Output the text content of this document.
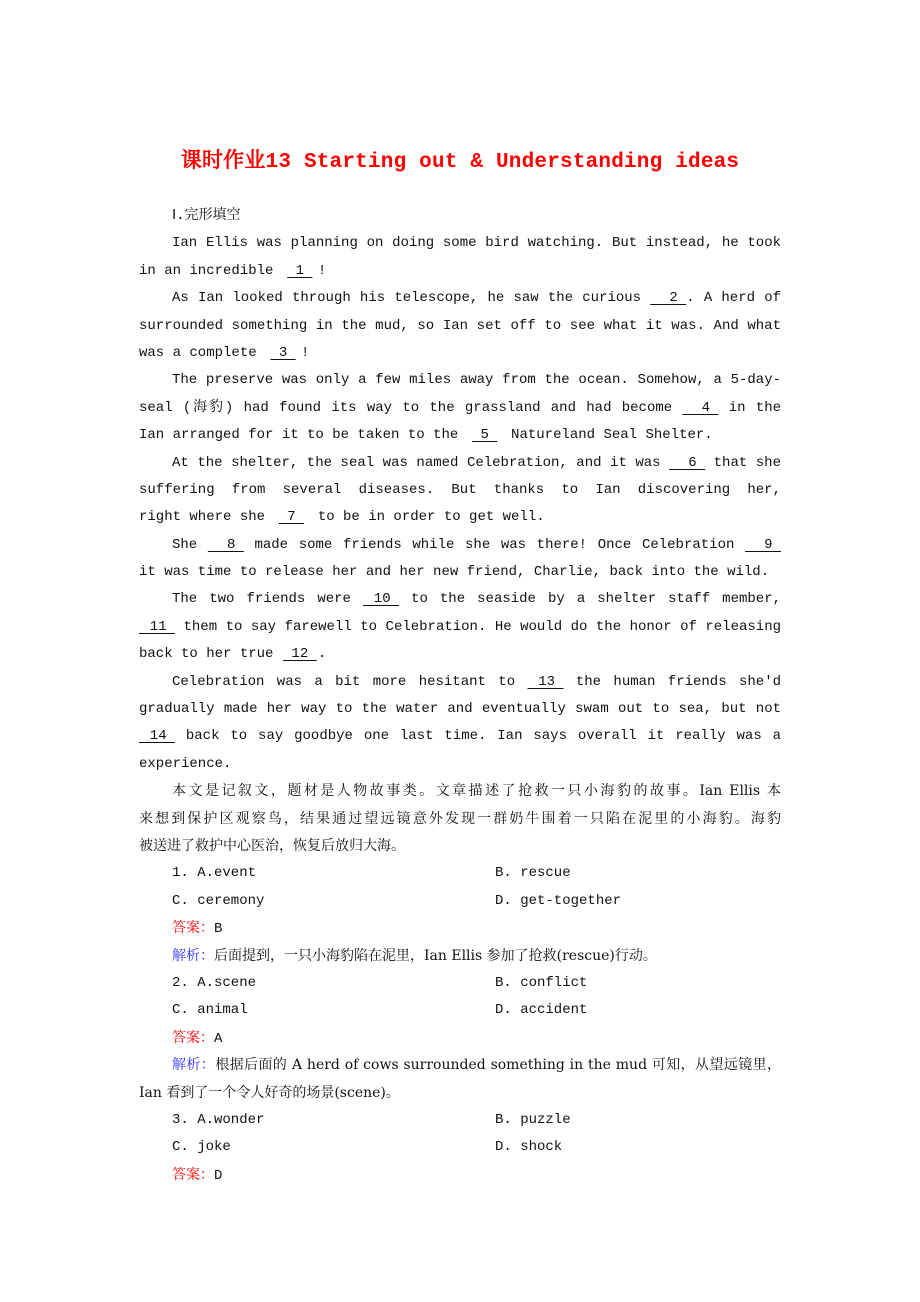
课时作业13 Starting out & Understanding ideas
Ⅰ.完形填空
Ian Ellis was planning on doing some bird watching. But instead, he took
in an incredible  1 !
As Ian looked through his telescope, he saw the curious  2 . A herd of
surrounded something in the mud, so Ian set off to see what it was. And what
was a complete  3 !
The preserve was only a few miles away from the ocean. Somehow, a 5-day-
seal (海豹) had found its way to the grassland and had become  4  in the
Ian arranged for it to be taken to the  5  Natureland Seal Shelter.
At the shelter, the seal was named Celebration, and it was  6  that she
suffering from several diseases. But thanks to Ian discovering her,
right where she  7  to be in order to get well.
She  8  made some friends while she was there! Once Celebration  9
it was time to release her and her new friend, Charlie, back into the wild.
The two friends were  10  to the seaside by a shelter staff member,
11  them to say farewell to Celebration. He would do the honor of releasing
back to her true  12 .
Celebration was a bit more hesitant to  13  the human friends she'd
gradually made her way to the water and eventually swam out to sea, but not
14  back to say goodbye one last time. Ian says overall it really was a
experience.
本文是记叙文，题材是人物故事类。文章描述了抢救一只小海豹的故事。Ian Ellis 本
来想到保护区观察鸟，结果通过望远镜意外发现一群奶牛围着一只陷在泥里的小海豹。海豹
被送进了救护中心医治，恢复后放归大海。
1. A.event	B. rescue
C. ceremony	D. get-together
答案：B
解析：后面提到，一只小海豹陷在泥里，Ian Ellis 参加了抢救(rescue)行动。
2. A.scene	B. conflict
C. animal	D. accident
答案：A
解析：根据后面的 A herd of cows surrounded something in the mud 可知，从望远镜里，
Ian 看到了一个令人好奇的场景(scene)。
3. A.wonder	B. puzzle
C. joke	D. shock
答案：D
